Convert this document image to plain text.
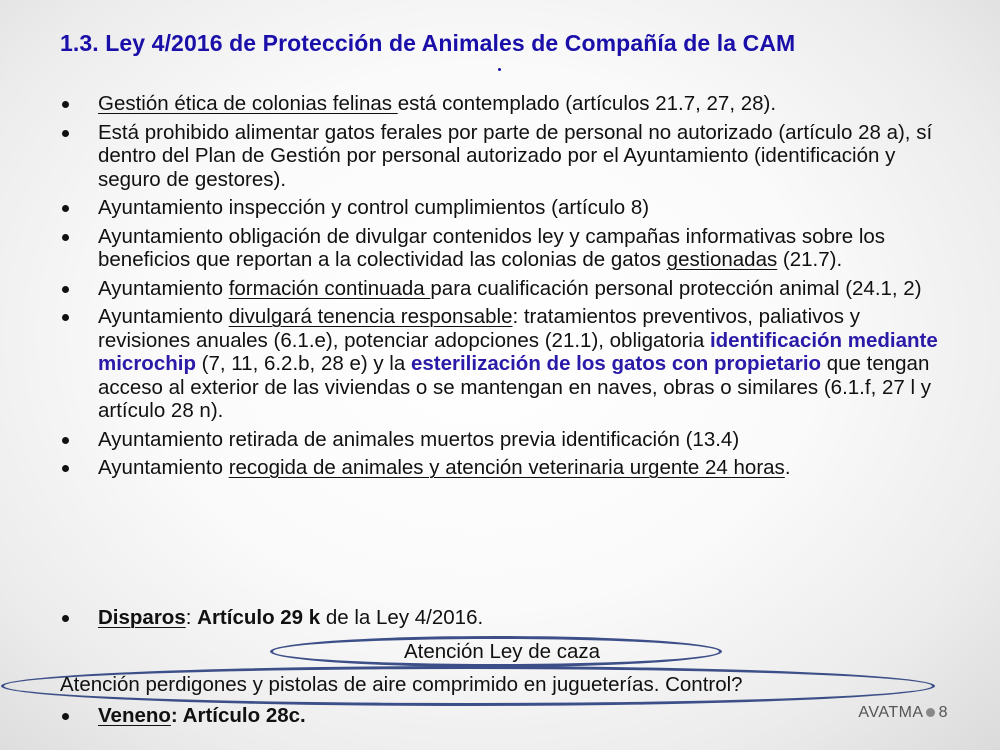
1.3. Ley 4/2016 de Protección de Animales de Compañía de la CAM
Gestión ética de colonias felinas está contemplado (artículos 21.7, 27, 28).
Está prohibido alimentar gatos ferales por parte de personal no autorizado (artículo 28 a), sí dentro del Plan de Gestión por personal autorizado por el Ayuntamiento (identificación y seguro de gestores).
Ayuntamiento inspección y control cumplimientos (artículo 8)
Ayuntamiento obligación de divulgar contenidos ley y campañas informativas sobre los beneficios que reportan a la colectividad las colonias de gatos gestionadas (21.7).
Ayuntamiento formación continuada para cualificación personal protección animal (24.1, 2)
Ayuntamiento divulgará tenencia responsable: tratamientos preventivos, paliativos y revisiones anuales (6.1.e), potenciar adopciones (21.1), obligatoria identificación mediante microchip (7, 11, 6.2.b, 28 e) y la esterilización de los gatos con propietario que tengan acceso al exterior de las viviendas o se mantengan en naves, obras o similares (6.1.f, 27 l y artículo 28 n).
Ayuntamiento retirada de animales muertos previa identificación (13.4)
Ayuntamiento recogida de animales y atención veterinaria urgente 24 horas.
Disparos: Artículo 29 k de la Ley 4/2016.
Atención Ley de caza
Atención perdigones y pistolas de aire comprimido en jugueterías. Control?
Veneno: Artículo 28c.	AVATMA 8
